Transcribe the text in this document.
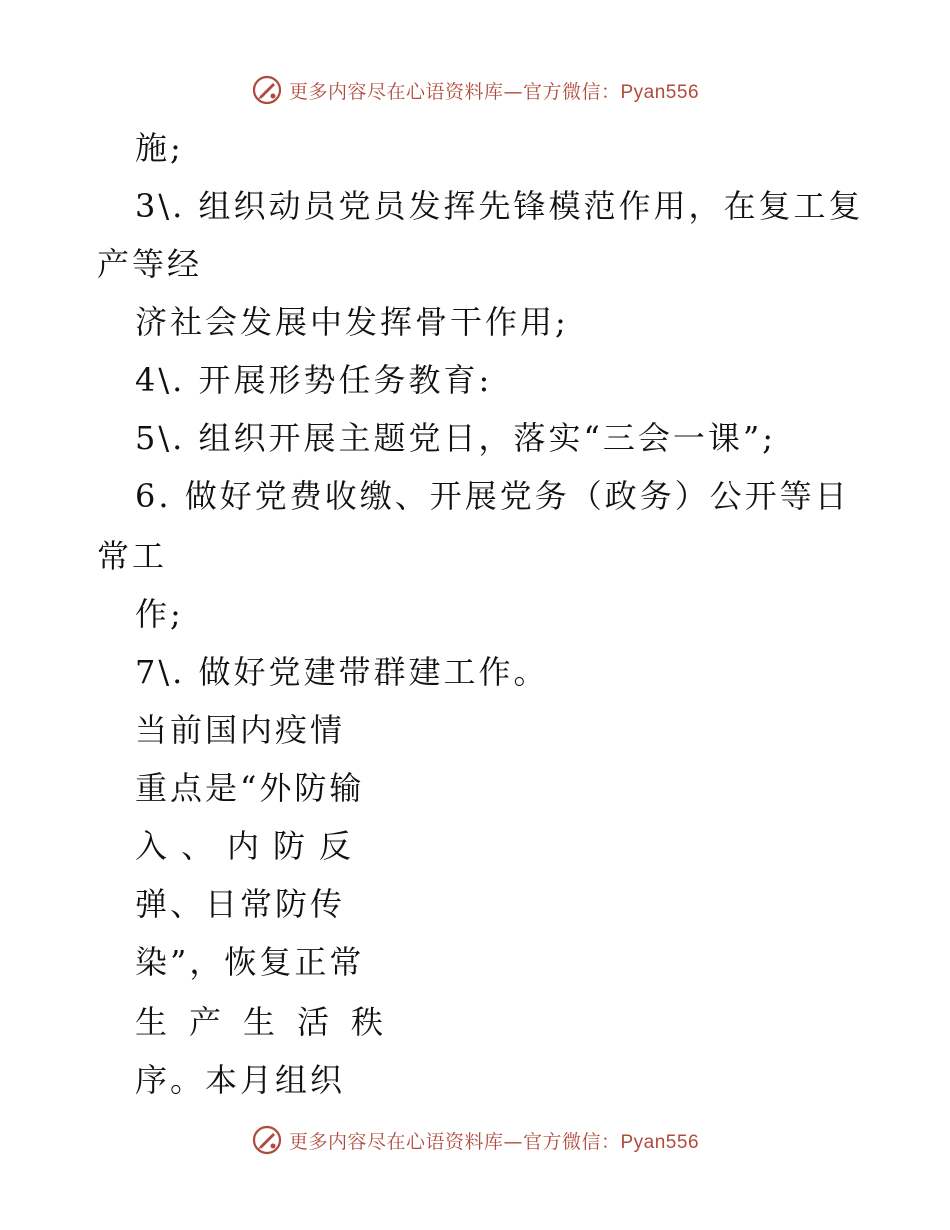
更多内容尽在心语资料库—官方微信：Pyan556
施;
3\. 组织动员党员发挥先锋模范作用，在复工复
产等经
济社会发展中发挥骨干作用;
4\. 开展形势任务教育:
5\. 组织开展主题党日，落实“三会一课”;
6. 做好党费收缴、开展党务（政务）公开等日
常工
作;
7\. 做好党建带群建工作。
当前国内疫情
重点是“外防输
入、内防反
弹、日常防传
染”，恢复正常
生产生活秩
序。本月组织
更多内容尽在心语资料库—官方微信：Pyan556
